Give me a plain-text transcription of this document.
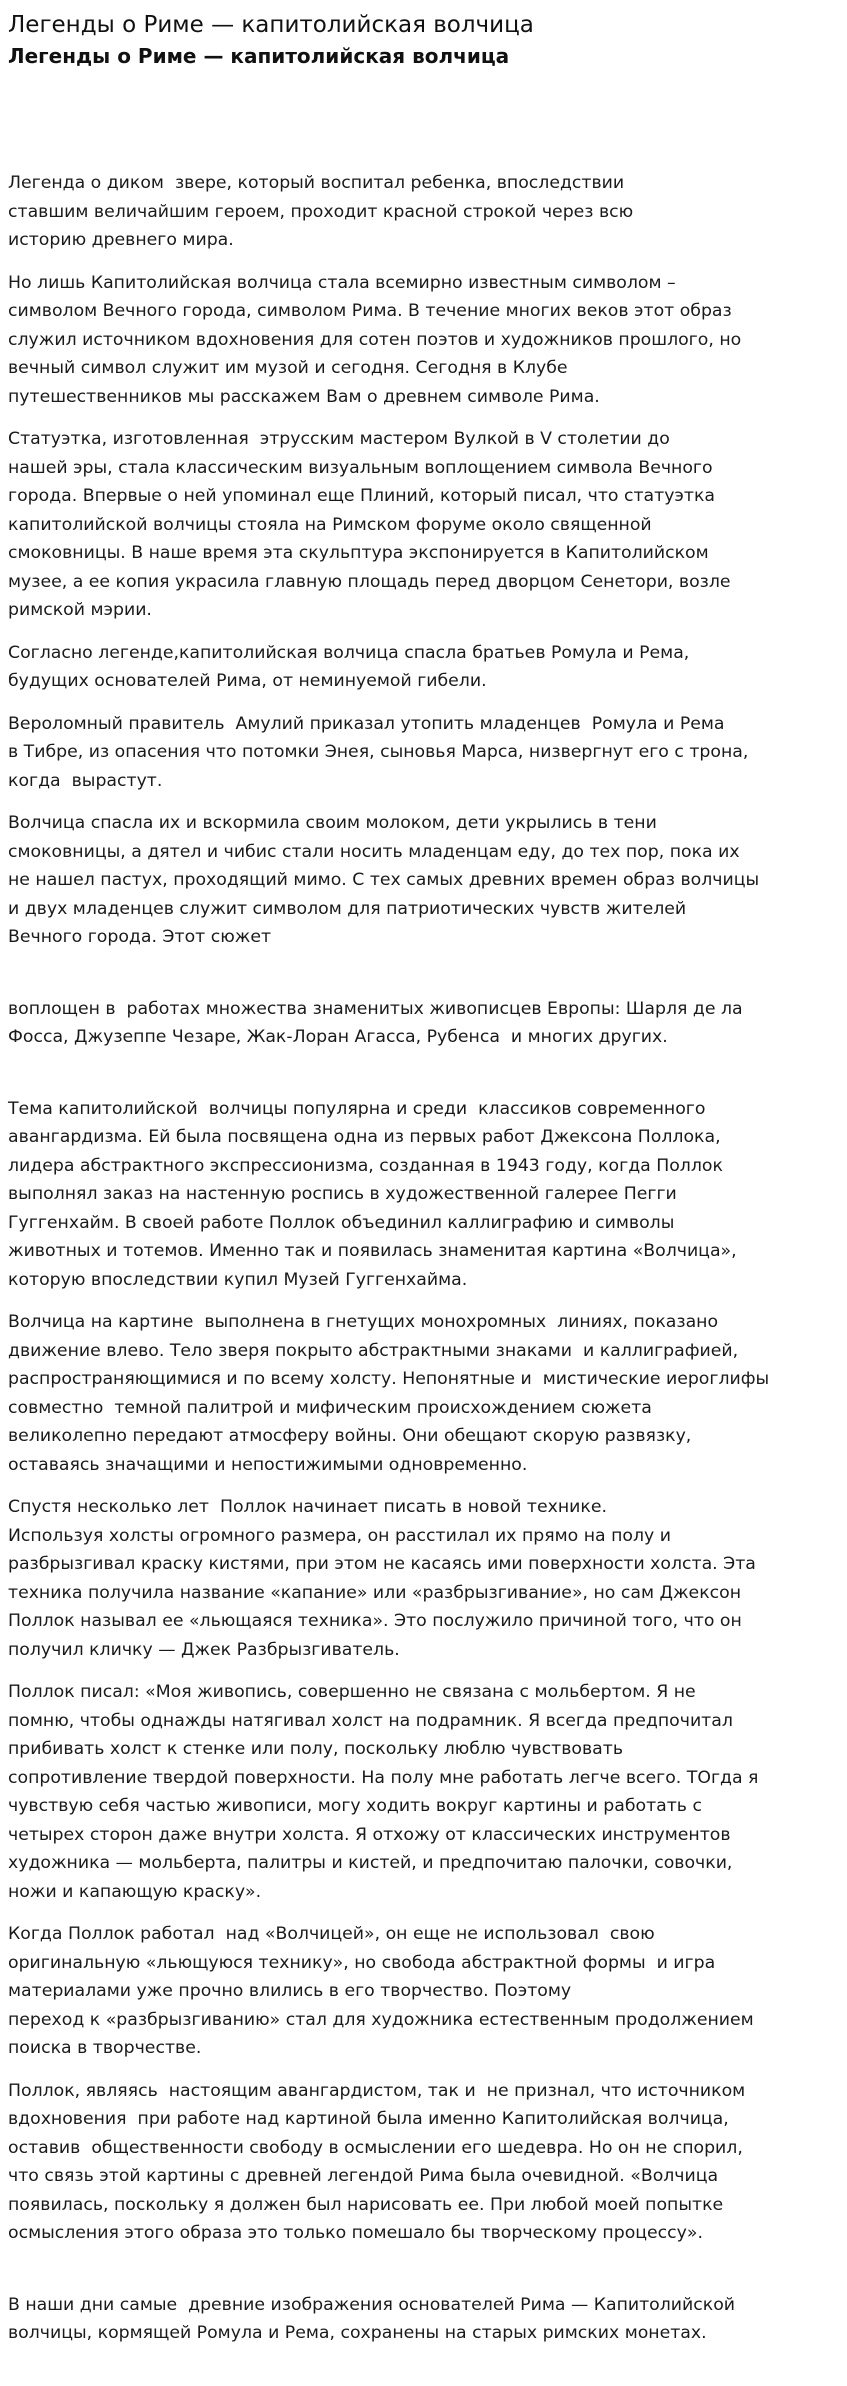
Легенды о Риме — капитолийская волчица
Легенды о Риме — капитолийская волчица

Легенда о диком  звере, который воспитал ребенка, впоследствии
ставшим величайшим героем, проходит красной строкой через всю
историю древнего мира.

Но лишь Капитолийская волчица стала всемирно известным символом –
символом Вечного города, символом Рима. В течение многих веков этот образ
служил источником вдохновения для сотен поэтов и художников прошлого, но
вечный символ служит им музой и сегодня. Сегодня в Клубе
путешественников мы расскажем Вам о древнем символе Рима.

Статуэтка, изготовленная  этрусским мастером Вулкой в V столетии до
нашей эры, стала классическим визуальным воплощением символа Вечного
города. Впервые о ней упоминал еще Плиний, который писал, что статуэтка
капитолийской волчицы стояла на Римском форуме около священной
смоковницы. В наше время эта скульптура экспонируется в Капитолийском
музее, а ее копия украсила главную площадь перед дворцом Сенетори, возле
римской мэрии.

Согласно легенде,капитолийская волчица спасла братьев Ромула и Рема,
будущих основателей Рима, от неминуемой гибели.

Вероломный правитель  Амулий приказал утопить младенцев  Ромула и Рема
в Тибре, из опасения что потомки Энея, сыновья Марса, низвергнут его с трона,
когда  вырастут.

Волчица спасла их и вскормила своим молоком, дети укрылись в тени
смоковницы, а дятел и чибис стали носить младенцам еду, до тех пор, пока их
не нашел пастух, проходящий мимо. С тех самых древних времен образ волчицы
и двух младенцев служит символом для патриотических чувств жителей
Вечного города. Этот сюжет

воплощен в  работах множества знаменитых живописцев Европы: Шарля де ла
Фосса, Джузеппе Чезаре, Жак-Лоран Агасса, Рубенса  и многих других.

Тема капитолийской  волчицы популярна и среди  классиков современного
авангардизма. Ей была посвящена одна из первых работ Джексона Поллока,
лидера абстрактного экспрессионизма, созданная в 1943 году, когда Поллок
выполнял заказ на настенную роспись в художественной галерее Пегги
Гуггенхайм. В своей работе Поллок объединил каллиграфию и символы
животных и тотемов. Именно так и появилась знаменитая картина «Волчица»,
которую впоследствии купил Музей Гуггенхайма.

Волчица на картине  выполнена в гнетущих монохромных  линиях, показано
движение влево. Тело зверя покрыто абстрактными знаками  и каллиграфией,
распространяющимися и по всему холсту. Непонятные и  мистические иероглифы
совместно  темной палитрой и мифическим происхождением сюжета
великолепно передают атмосферу войны. Они обещают скорую развязку,
оставаясь значащими и непостижимыми одновременно.

Спустя несколько лет  Поллок начинает писать в новой технике.
Используя холсты огромного размера, он расстилал их прямо на полу и
разбрызгивал краску кистями, при этом не касаясь ими поверхности холста. Эта
техника получила название «капание» или «разбрызгивание», но сам Джексон
Поллок называл ее «льющаяся техника». Это послужило причиной того, что он
получил кличку — Джек Разбрызгиватель.

Поллок писал: «Моя живопись, совершенно не связана с мольбертом. Я не
помню, чтобы однажды натягивал холст на подрамник. Я всегда предпочитал
прибивать холст к стенке или полу, поскольку люблю чувствовать
сопротивление твердой поверхности. На полу мне работать легче всего. ТОгда я
чувствую себя частью живописи, могу ходить вокруг картины и работать с
четырех сторон даже внутри холста. Я отхожу от классических инструментов
художника — мольберта, палитры и кистей, и предпочитаю палочки, совочки,
ножи и капающую краску».

Когда Поллок работал  над «Волчицей», он еще не использовал  свою
оригинальную «льющуюся технику», но свобода абстрактной формы  и игра
материалами уже прочно влились в его творчество. Поэтому
переход к «разбрызгиванию» стал для художника естественным продолжением
поиска в творчестве.

Поллок, являясь  настоящим авангардистом, так и  не признал, что источником
вдохновения  при работе над картиной была именно Капитолийская волчица,
оставив  общественности свободу в осмыслении его шедевра. Но он не спорил,
что связь этой картины с древней легендой Рима была очевидной. «Волчица
появилась, поскольку я должен был нарисовать ее. При любой моей попытке
осмысления этого образа это только помешало бы творческому процессу».

В наши дни самые  древние изображения основателей Рима — Капитолийской
волчицы, кормящей Ромула и Рема, сохранены на старых римских монетах.
